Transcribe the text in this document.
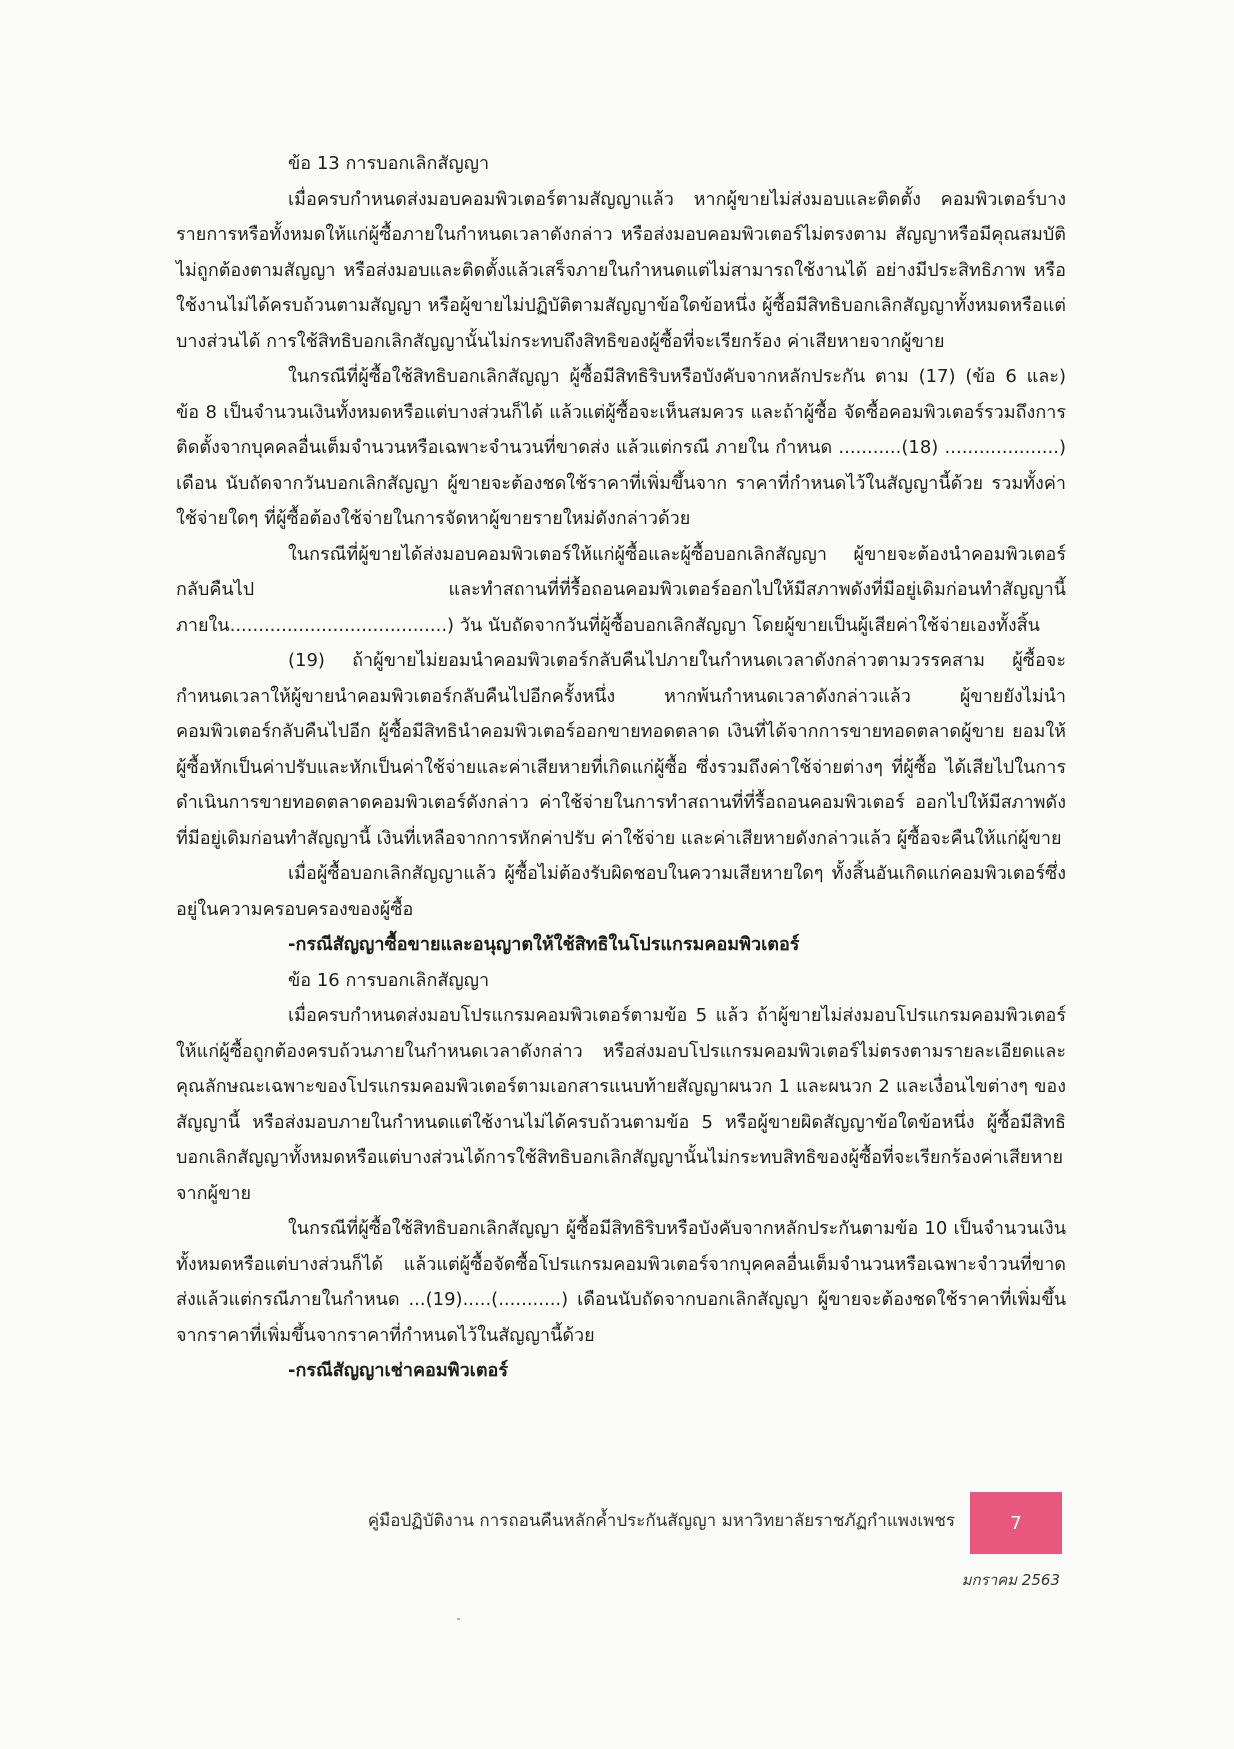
ข้อ 13 การบอกเลิกสัญญา

เมื่อครบกำหนดส่งมอบคอมพิวเตอร์ตามสัญญาแล้ว หากผู้ขายไม่ส่งมอบและติดตั้ง คอมพิวเตอร์บางรายการหรือทั้งหมดให้แก่ผู้ซื้อภายในกำหนดเวลาดังกล่าว หรือส่งมอบคอมพิวเตอร์ไม่ตรงตาม สัญญาหรือมีคุณสมบัติไม่ถูกต้องตามสัญญา หรือส่งมอบและติดตั้งแล้วเสร็จภายในกำหนดแต่ไม่สามารถใช้งานได้ อย่างมีประสิทธิภาพ หรือใช้งานไม่ได้ครบถ้วนตามสัญญา หรือผู้ขายไม่ปฏิบัติตามสัญญาข้อใดข้อหนึ่ง ผู้ซื้อมีสิทธิบอกเลิกสัญญาทั้งหมดหรือแต่บางส่วนได้ การใช้สิทธิบอกเลิกสัญญานั้นไม่กระทบถึงสิทธิของผู้ซื้อที่จะเรียกร้อง ค่าเสียหายจากผู้ขาย

ในกรณีที่ผู้ซื้อใช้สิทธิบอกเลิกสัญญา ผู้ซื้อมีสิทธิริบหรือบังคับจากหลักประกัน ตาม (17) (ข้อ 6 และ) ข้อ 8 เป็นจำนวนเงินทั้งหมดหรือแต่บางส่วนก็ได้ แล้วแต่ผู้ซื้อจะเห็นสมควร และถ้าผู้ซื้อ จัดซื้อคอมพิวเตอร์รวมถึงการติดตั้งจากบุคคลอื่นเต็มจำนวนหรือเฉพาะจำนวนที่ขาดส่ง แล้วแต่กรณี ภายใน กำหนด ...........(18) ....................) เดือน นับถัดจากวันบอกเลิกสัญญา ผู้ขายจะต้องชดใช้ราคาที่เพิ่มขึ้นจาก ราคาที่กำหนดไว้ในสัญญานี้ด้วย รวมทั้งค่าใช้จ่ายใดๆ ที่ผู้ซื้อต้องใช้จ่ายในการจัดหาผู้ขายรายใหม่ดังกล่าวด้วย

ในกรณีที่ผู้ขายได้ส่งมอบคอมพิวเตอร์ให้แก่ผู้ซื้อและผู้ซื้อบอกเลิกสัญญา ผู้ขายจะต้องนำคอมพิวเตอร์กลับคืนไป และทำสถานที่ที่รื้อถอนคอมพิวเตอร์ออกไปให้มีสภาพดังที่มีอยู่เดิมก่อนทำสัญญานี้ ภายใน......................................) วัน นับถัดจากวันที่ผู้ซื้อบอกเลิกสัญญา โดยผู้ขายเป็นผู้เสียค่าใช้จ่ายเองทั้งสิ้น

(19) ถ้าผู้ขายไม่ยอมนำคอมพิวเตอร์กลับคืนไปภายในกำหนดเวลาดังกล่าวตามวรรคสาม ผู้ซื้อจะกำหนดเวลาให้ผู้ขายนำคอมพิวเตอร์กลับคืนไปอีกครั้งหนึ่ง หากพ้นกำหนดเวลาดังกล่าวแล้ว ผู้ขายยังไม่นำคอมพิวเตอร์กลับคืนไปอีก ผู้ซื้อมีสิทธินำคอมพิวเตอร์ออกขายทอดตลาด เงินที่ได้จากการขายทอดตลาดผู้ขาย ยอมให้ผู้ซื้อหักเป็นค่าปรับและหักเป็นค่าใช้จ่ายและค่าเสียหายที่เกิดแก่ผู้ซื้อ ซึ่งรวมถึงค่าใช้จ่ายต่างๆ ที่ผู้ซื้อ ได้เสียไปในการดำเนินการขายทอดตลาดคอมพิวเตอร์ดังกล่าว ค่าใช้จ่ายในการทำสถานที่ที่รื้อถอนคอมพิวเตอร์ ออกไปให้มีสภาพดังที่มีอยู่เดิมก่อนทำสัญญานี้ เงินที่เหลือจากการหักค่าปรับ ค่าใช้จ่าย และค่าเสียหายดังกล่าวแล้ว ผู้ซื้อจะคืนให้แก่ผู้ขาย

เมื่อผู้ซื้อบอกเลิกสัญญาแล้ว ผู้ซื้อไม่ต้องรับผิดชอบในความเสียหายใดๆ ทั้งสิ้นอันเกิดแก่คอมพิวเตอร์ซึ่งอยู่ในความครอบครองของผู้ซื้อ

-กรณีสัญญาซื้อขายและอนุญาตให้ใช้สิทธิในโปรแกรมคอมพิวเตอร์

ข้อ 16 การบอกเลิกสัญญา

เมื่อครบกำหนดส่งมอบโปรแกรมคอมพิวเตอร์ตามข้อ 5 แล้ว ถ้าผู้ขายไม่ส่งมอบโปรแกรมคอมพิวเตอร์ให้แก่ผู้ซื้อถูกต้องครบถ้วนภายในกำหนดเวลาดังกล่าว หรือส่งมอบโปรแกรมคอมพิวเตอร์ไม่ตรงตามรายละเอียดและคุณลักษณะเฉพาะของโปรแกรมคอมพิวเตอร์ตามเอกสารแนบท้ายสัญญาผนวก 1 และผนวก 2 และเงื่อนไขต่างๆ ของสัญญานี้ หรือส่งมอบภายในกำหนดแต่ใช้งานไม่ได้ครบถ้วนตามข้อ 5 หรือผู้ขายผิดสัญญาข้อใดข้อหนึ่ง ผู้ซื้อมีสิทธิบอกเลิกสัญญาทั้งหมดหรือแต่บางส่วนได้การใช้สิทธิบอกเลิกสัญญานั้นไม่กระทบสิทธิของผู้ซื้อที่จะเรียกร้องค่าเสียหายจากผู้ขาย

ในกรณีที่ผู้ซื้อใช้สิทธิบอกเลิกสัญญา ผู้ซื้อมีสิทธิริบหรือบังคับจากหลักประกันตามข้อ 10 เป็นจำนวนเงินทั้งหมดหรือแต่บางส่วนก็ได้ แล้วแต่ผู้ซื้อจัดซื้อโปรแกรมคอมพิวเตอร์จากบุคคลอื่นเต็มจำนวนหรือเฉพาะจำวนที่ขาดส่งแล้วแต่กรณีภายในกำหนด ...(19).....(...........) เดือนนับถัดจากบอกเลิกสัญญา ผู้ขายจะต้องชดใช้ราคาที่เพิ่มขึ้นจากราคาที่เพิ่มขึ้นจากราคาที่กำหนดไว้ในสัญญานี้ด้วย

-กรณีสัญญาเช่าคอมพิวเตอร์

คู่มือปฏิบัติงาน การถอนคืนหลักค้ำประกันสัญญา มหาวิทยาลัยราชภัฏกำแพงเพชร	7
มกราคม 2563
